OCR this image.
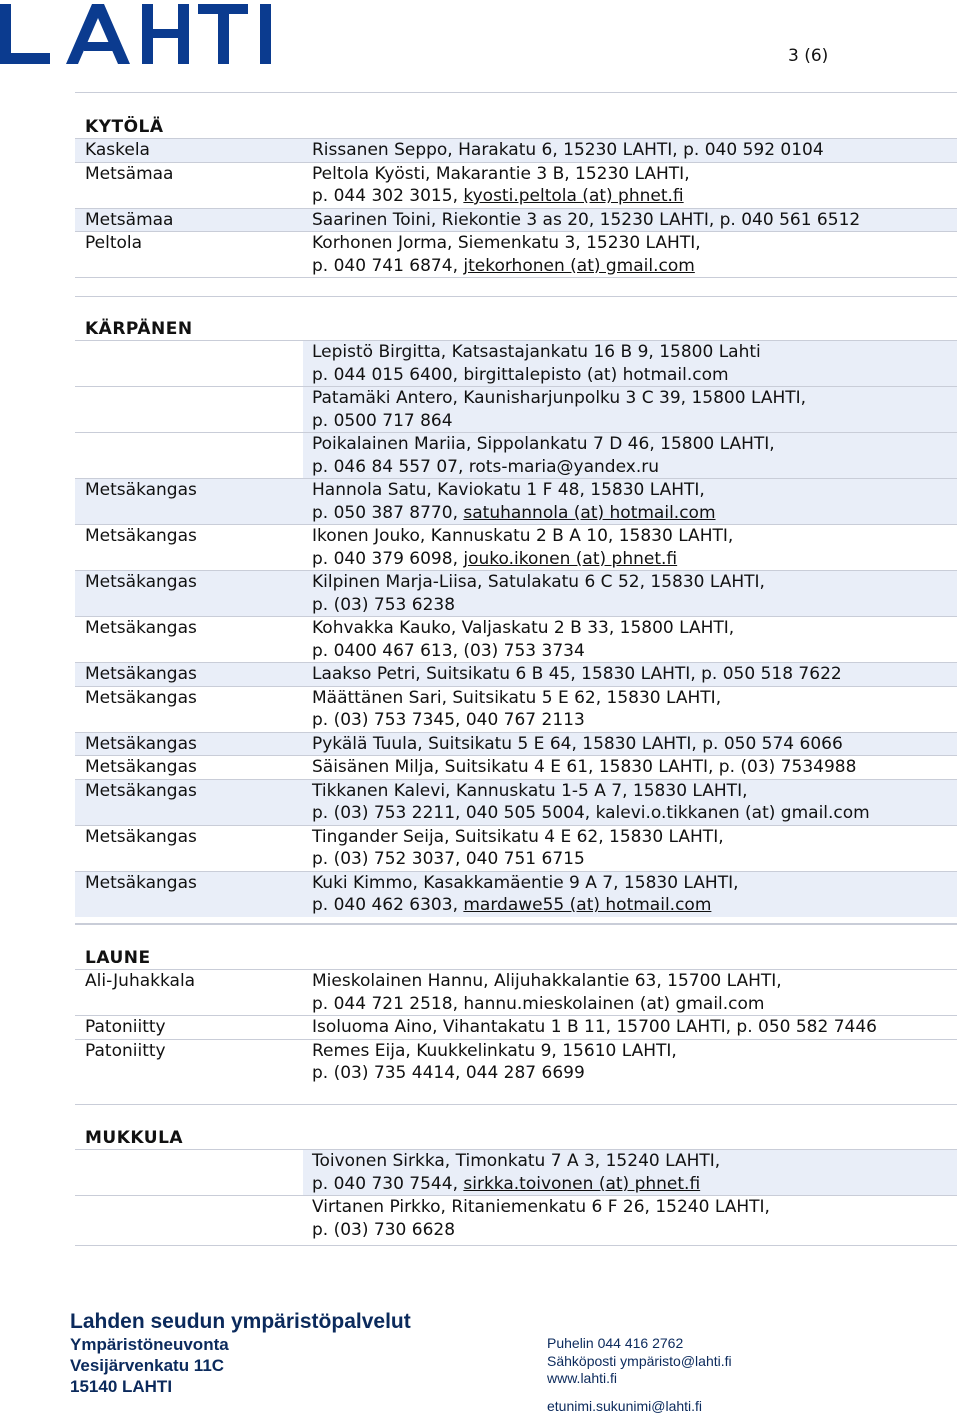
3 (6)
KYTÖLÄ
Kaskela	Rissanen Seppo, Harakatu 6, 15230 LAHTI, p. 040 592 0104
Metsämaa	Peltola Kyösti, Makarantie 3 B, 15230 LAHTI,
p. 044 302 3015, kyosti.peltola (at) phnet.fi
Metsämaa	Saarinen Toini, Riekontie 3 as 20, 15230 LAHTI, p. 040 561 6512
Peltola	Korhonen Jorma, Siemenkatu 3, 15230 LAHTI,
p. 040 741 6874, jtekorhonen (at) gmail.com
KÄRPÄNEN
Lepistö Birgitta, Katsastajankatu 16 B 9, 15800 Lahti
p. 044 015 6400, birgittalepisto (at) hotmail.com
Patamäki Antero, Kaunisharjunpolku 3 C 39, 15800 LAHTI,
p. 0500 717 864
Poikalainen Mariia, Sippolankatu 7 D 46, 15800 LAHTI,
p. 046 84 557 07, rots-maria@yandex.ru
Metsäkangas	Hannola Satu, Kaviokatu 1 F 48, 15830 LAHTI,
p. 050 387 8770, satuhannola (at) hotmail.com
Metsäkangas	Ikonen Jouko, Kannuskatu 2 B A 10, 15830 LAHTI,
p. 040 379 6098, jouko.ikonen (at) phnet.fi
Metsäkangas	Kilpinen Marja-Liisa, Satulakatu 6 C 52, 15830 LAHTI,
p. (03) 753 6238
Metsäkangas	Kohvakka Kauko, Valjaskatu 2 B 33, 15800 LAHTI,
p. 0400 467 613, (03) 753 3734
Metsäkangas	Laakso Petri, Suitsikatu 6 B 45, 15830 LAHTI, p. 050 518 7622
Metsäkangas	Määttänen Sari, Suitsikatu 5 E 62, 15830 LAHTI,
p. (03) 753 7345, 040 767 2113
Metsäkangas	Pykälä Tuula, Suitsikatu 5 E 64, 15830 LAHTI, p. 050 574 6066
Metsäkangas	Säisänen Milja, Suitsikatu 4 E 61, 15830 LAHTI, p. (03) 7534988
Metsäkangas	Tikkanen Kalevi, Kannuskatu 1-5 A 7, 15830 LAHTI,
p. (03) 753 2211, 040 505 5004, kalevi.o.tikkanen (at) gmail.com
Metsäkangas	Tingander Seija, Suitsikatu 4 E 62, 15830 LAHTI,
p. (03) 752 3037, 040 751 6715
Metsäkangas	Kuki Kimmo, Kasakkamäentie 9 A 7, 15830 LAHTI,
p. 040 462 6303, mardawe55 (at) hotmail.com
LAUNE
Ali-Juhakkala	Mieskolainen Hannu, Alijuhakkalantie 63, 15700 LAHTI,
p. 044 721 2518, hannu.mieskolainen (at) gmail.com
Patoniitty	Isoluoma Aino, Vihantakatu 1 B 11, 15700 LAHTI, p. 050 582 7446
Patoniitty	Remes Eija, Kuukkelinkatu 9, 15610 LAHTI,
p. (03) 735 4414, 044 287 6699
MUKKULA
Toivonen Sirkka, Timonkatu 7 A 3, 15240 LAHTI,
p. 040 730 7544, sirkka.toivonen (at) phnet.fi
Virtanen Pirkko, Ritaniemenkatu 6 F 26, 15240 LAHTI,
p. (03) 730 6628
Lahden seudun ympäristöpalvelut
Ympäristöneuvonta
Vesijärvenkatu 11C
15140 LAHTI
Puhelin 044 416 2762
Sähköposti ympäristo@lahti.fi
www.lahti.fi
etunimi.sukunimi@lahti.fi
